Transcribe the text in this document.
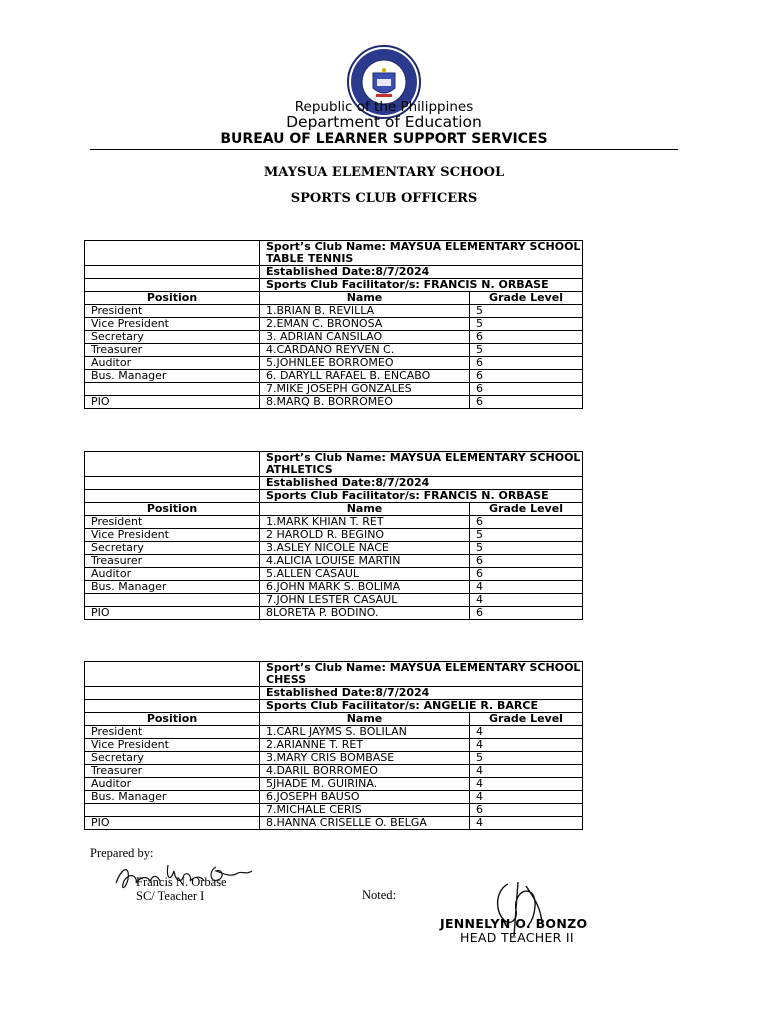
Republic of the Philippines
Department of Education
BUREAU OF LEARNER SUPPORT SERVICES
MAYSUA ELEMENTARY SCHOOL
SPORTS CLUB OFFICERS
	Sport’s Club Name: MAYSUA ELEMENTARY SCHOOL TABLE TENNIS	
	Established Date:8/7/2024	
	Sports Club Facilitator/s: FRANCIS N. ORBASE	
Position	Name	Grade Level
President	1.BRIAN B. REVILLA	5
Vice President	2.EMAN C. BROÑOSA	5
Secretary	3. ADRIAN CANSILAO	6
Treasurer	4.CARDAÑO REYVEN C.	5
Auditor	5.JOHNLEE BORROMEO	6
Bus. Manager	6. DARYLL RAFAEL B. ENCABO	6
	7.MIKE JOSEPH GONZALES	6
PIO	8.MARQ B. BORROMEO	6
	Sport’s Club Name: MAYSUA ELEMENTARY SCHOOL ATHLETICS	
	Established Date:8/7/2024	
	Sports Club Facilitator/s: FRANCIS N. ORBASE	
Position	Name	Grade Level
President	1.MARK KHIAN T. RET	6
Vice President	2 HAROLD R. BEGINO	5
Secretary	3.ASLEY NICOLE NACE	5
Treasurer	4.ALICIA LOUISE MARTIN	6
Auditor	5.ALLEN CASAUL	6
Bus. Manager	6.JOHN MARK S. BOLIMA	4
	7.JOHN LESTER CASAUL	4
PIO	8LORETA P. BODINO.	6
	Sport’s Club Name: MAYSUA ELEMENTARY SCHOOL CHESS	
	Established Date:8/7/2024	
	Sports Club Facilitator/s: ANGELIE R. BARCE	
Position	Name	Grade Level
President	1.CARL JAYMS S. BOLILAN	4
Vice President	2.ARIANNE T. RET	4
Secretary	3.MARY CRIS BOMBASE	5
Treasurer	4.DARIL BORROMEO	4
Auditor	5JHADE M. GUIRINA.	4
Bus. Manager	6.JOSEPH BAUSO	4
	7.MICHALE CERIS	6
PIO	8.HANNA CRISELLE O. BELGA	4
Prepared by:
Francis N. Orbase
SC/ Teacher I	Noted:
JENNELYN O. BONZO
HEAD TEACHER II
